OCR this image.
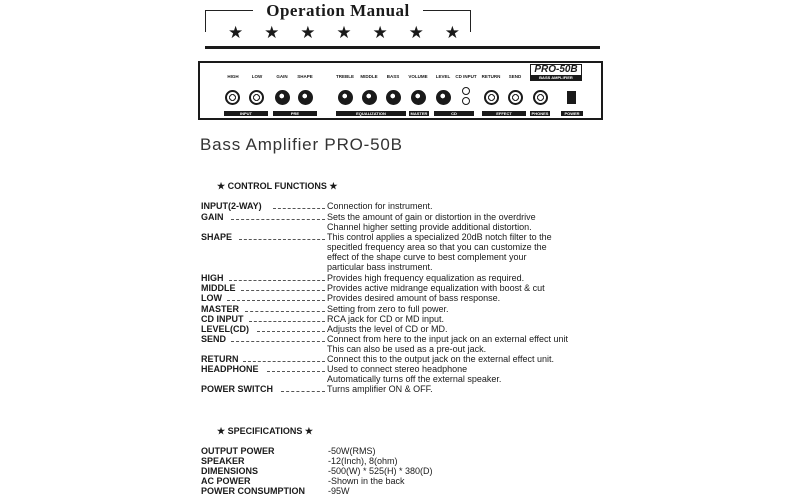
Operation Manual
★ ★ ★ ★ ★ ★ ★
HIGH	LOW	GAIN SHAPE	TREBLE MIDDLE BASS VOLUME LEVEL CD INPUT RETURN SEND
PRO-50B
BASS AMPLIFIER
INPUT	PRE	EQUALIZATION	MASTER	CD	EFFECT	PHONES	POWER
Bass Amplifier PRO-50B
★ CONTROL FUNCTIONS ★
INPUT(2-WAY)	Connection for instrument.
GAIN	Sets the amount of gain or distortion in the overdrive
Channel higher setting provide additional distortion.
SHAPE	This control applies a specialized 20dB notch filter to the
specitled frequency area so that you can customize the
effect of the shape curve to best complement your
particular bass instrument.
HIGH	Provides high frequency equalization as required.
MIDDLE	Provides active midrange equalization with boost & cut
LOW	Provides desired amount of bass response.
MASTER	Setting from zero to full power.
CD INPUT	RCA jack for CD or MD input.
LEVEL(CD)	Adjusts the level of CD or MD.
SEND	Connect from here to the input jack on an external effect unit
This can also be used as a pre-out jack.
RETURN	Connect this to the output jack on the external effect unit.
HEADPHONE	Used to connect stereo headphone
Automatically turns off the external speaker.
POWER SWITCH	Turns amplifier ON & OFF.
★ SPECIFICATIONS ★
OUTPUT POWER	-50W(RMS)
SPEAKER	-12(Inch), 8(ohm)
DIMENSIONS	-500(W) * 525(H) * 380(D)
AC POWER	-Shown in the back
POWER CONSUMPTION	-95W
